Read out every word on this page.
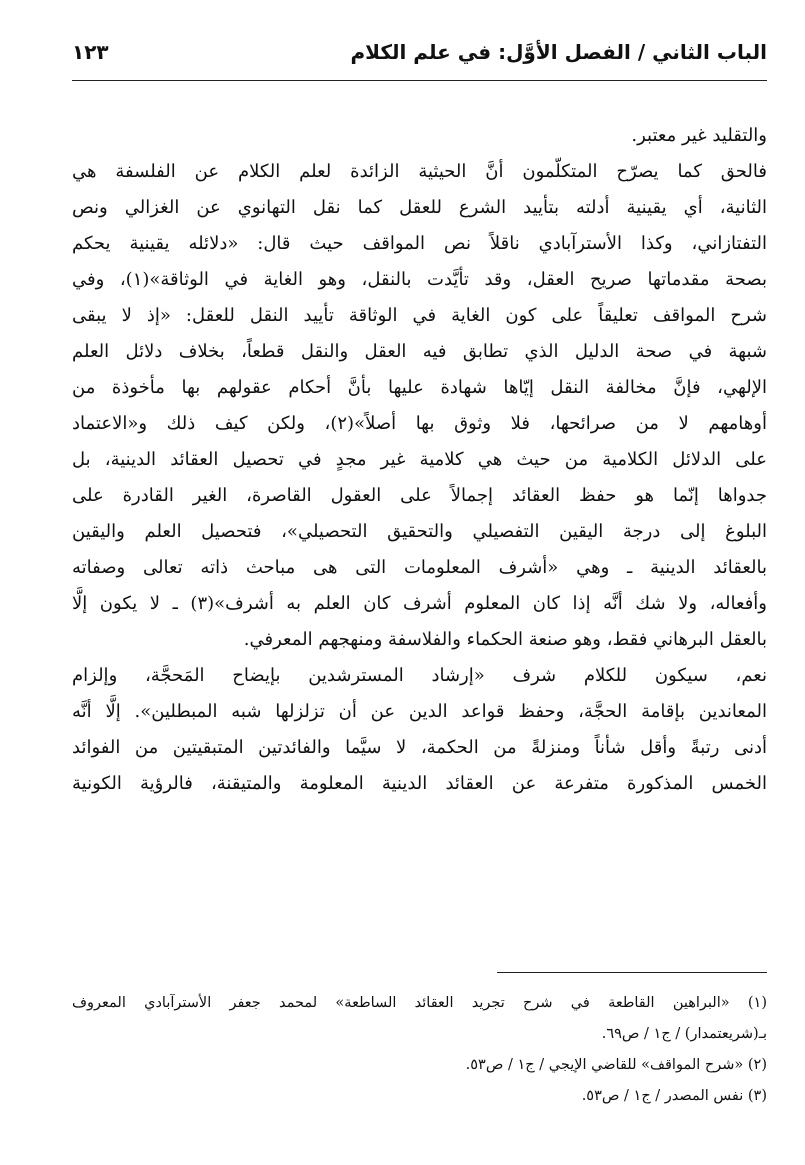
١٢٣	الباب الثاني / الفصل الأوَّل: في علم الكلام
والتقليد غير معتبر.
فالحق كما يصرّح المتكلّمون أنَّ الحيثية الزائدة لعلم الكلام عن الفلسفة هي
الثانية، أي يقينية أدلته بتأييد الشرع للعقل كما نقل التهانوي عن الغزالي ونص
التفتازاني، وكذا الأسترآبادي ناقلاً نص المواقف حيث قال: «دلائله يقينية يحكم
بصحة مقدماتها صريح العقل، وقد تأيَّدت بالنقل، وهو الغاية في الوثاقة»(١)، وفي
شرح المواقف تعليقاً على كون الغاية في الوثاقة تأييد النقل للعقل: «إذ لا يبقى
شبهة في صحة الدليل الذي تطابق فيه العقل والنقل قطعاً، بخلاف دلائل العلم
الإلهي، فإنَّ مخالفة النقل إيّاها شهادة عليها بأنَّ أحكام عقولهم بها مأخوذة من
أوهامهم لا من صرائحها، فلا وثوق بها أصلاً»(٢)، ولكن كيف ذلك و«الاعتماد
على الدلائل الكلامية من حيث هي كلامية غير مجدٍ في تحصيل العقائد الدينية، بل
جدواها إنّما هو حفظ العقائد إجمالاً على العقول القاصرة، الغير القادرة على
البلوغ إلى درجة اليقين التفصيلي والتحقيق التحصيلي»، فتحصيل العلم واليقين
بالعقائد الدينية ـ وهي «أشرف المعلومات التى هى مباحث ذاته تعالى وصفاته
وأفعاله، ولا شك أنَّه إذا كان المعلوم أشرف كان العلم به أشرف»(٣) ـ لا يكون إلَّا
بالعقل البرهاني فقط، وهو صنعة الحكماء والفلاسفة ومنهجهم المعرفي.
نعم، سيكون للكلام شرف «إرشاد المسترشدين بإيضاح المَحجَّة، وإلزام
المعاندين بإقامة الحجَّة، وحفظ قواعد الدين عن أن تزلزلها شبه المبطلين». إلَّا أنَّه
أدنى رتبةً وأقل شأناً ومنزلةً من الحكمة، لا سيَّما والفائدتين المتبقيتين من الفوائد
الخمس المذكورة متفرعة عن العقائد الدينية المعلومة والمتيقنة، فالرؤية الكونية
(١) «البراهين القاطعة في شرح تجريد العقائد الساطعة» لمحمد جعفر الأسترآبادي المعروف
بـ(شريعتمدار) / ج١ / ص٦٩.
(٢) «شرح المواقف» للقاضي الإيجي / ج١ / ص٥٣.
(٣) نفس المصدر / ج١ / ص٥٣.
